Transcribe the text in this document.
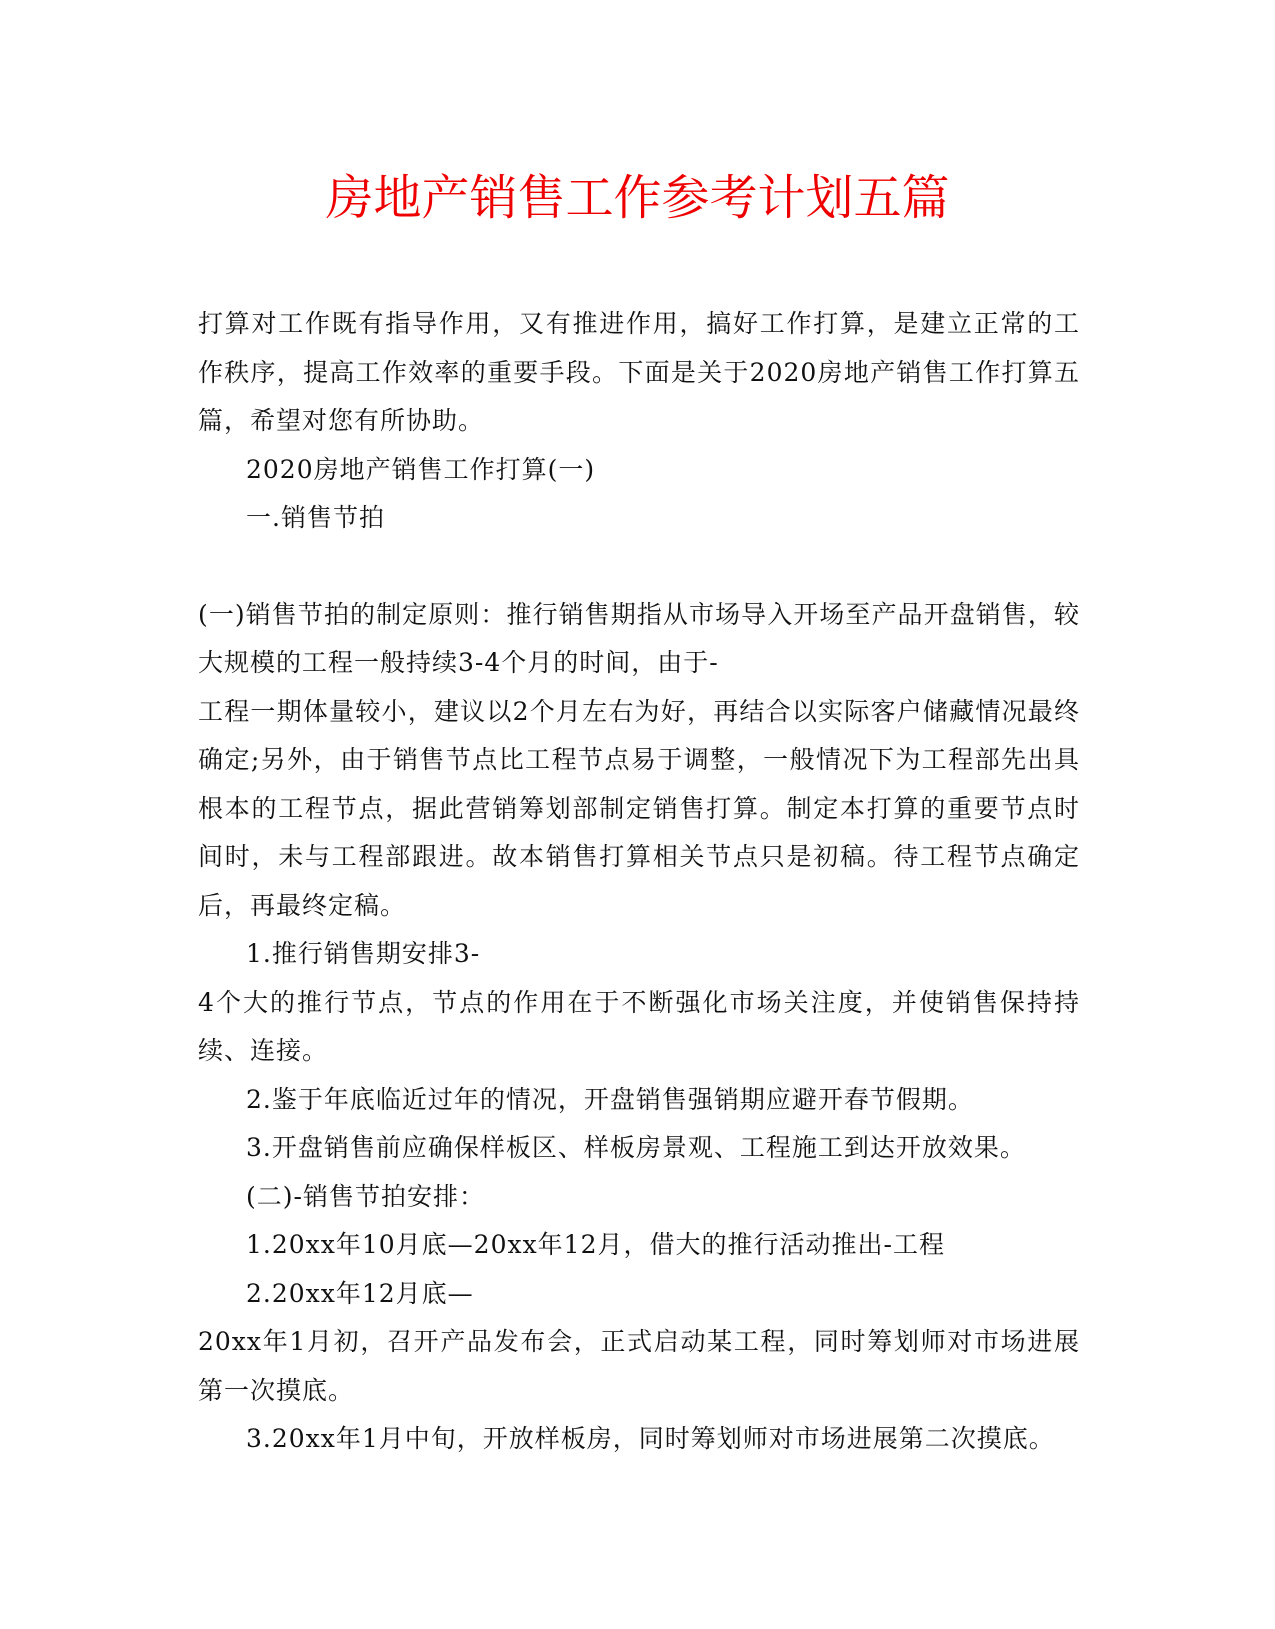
房地产销售工作参考计划五篇

打算对工作既有指导作用，又有推进作用，搞好工作打算，是建立正常的工作秩序，提高工作效率的重要手段。下面是关于2020房地产销售工作打算五篇，希望对您有所协助。

2020房地产销售工作打算(一)

一.销售节拍

(一)销售节拍的制定原则：推行销售期指从市场导入开场至产品开盘销售，较大规模的工程一般持续3-4个月的时间，由于-

工程一期体量较小，建议以2个月左右为好，再结合以实际客户储藏情况最终确定;另外，由于销售节点比工程节点易于调整，一般情况下为工程部先出具根本的工程节点，据此营销筹划部制定销售打算。制定本打算的重要节点时间时，未与工程部跟进。故本销售打算相关节点只是初稿。待工程节点确定后，再最终定稿。

1.推行销售期安排3-

4个大的推行节点，节点的作用在于不断强化市场关注度，并使销售保持持续、连接。

2.鉴于年底临近过年的情况，开盘销售强销期应避开春节假期。

3.开盘销售前应确保样板区、样板房景观、工程施工到达开放效果。

(二)-销售节拍安排：

1.20xx年10月底—20xx年12月，借大的推行活动推出-工程

2.20xx年12月底—

20xx年1月初，召开产品发布会，正式启动某工程，同时筹划师对市场进展第一次摸底。

3.20xx年1月中旬，开放样板房，同时筹划师对市场进展第二次摸底。
